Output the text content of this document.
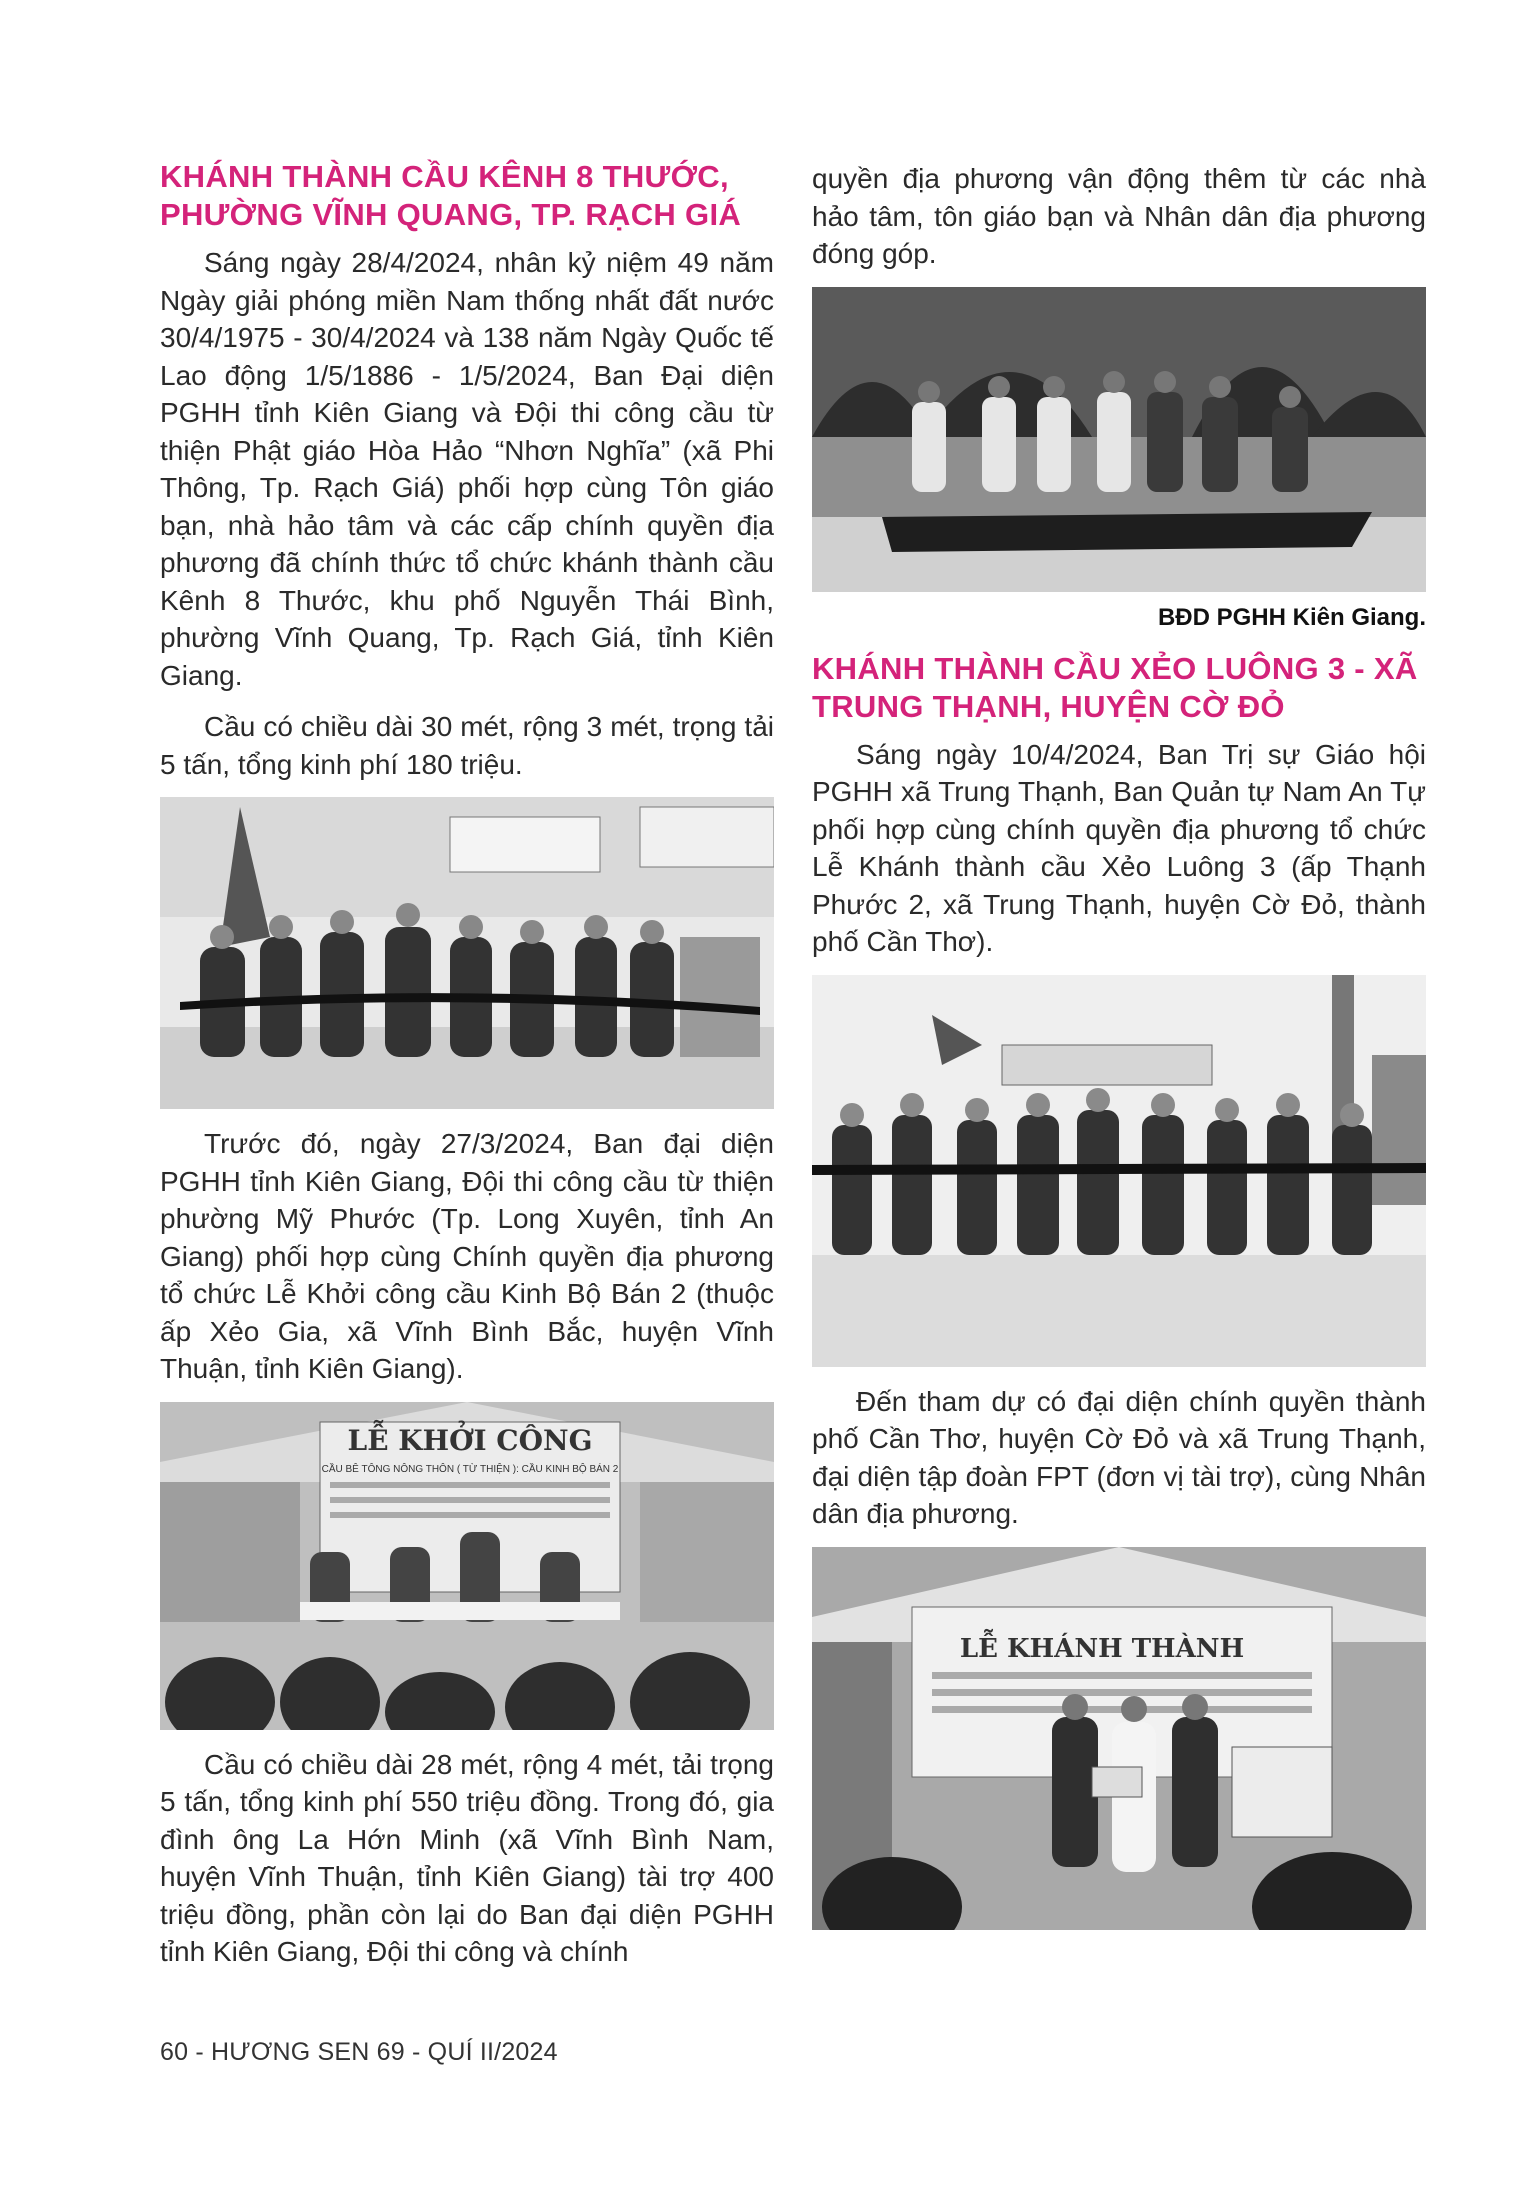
KHÁNH THÀNH CẦU KÊNH 8 THƯỚC, PHƯỜNG VĨNH QUANG, TP. RẠCH GIÁ

Sáng ngày 28/4/2024, nhân kỷ niệm 49 năm Ngày giải phóng miền Nam thống nhất đất nước 30/4/1975 - 30/4/2024 và 138 năm Ngày Quốc tế Lao động 1/5/1886 - 1/5/2024, Ban Đại diện PGHH tỉnh Kiên Giang và Đội thi công cầu từ thiện Phật giáo Hòa Hảo “Nhơn Nghĩa” (xã Phi Thông, Tp. Rạch Giá) phối hợp cùng Tôn giáo bạn, nhà hảo tâm và các cấp chính quyền địa phương đã chính thức tổ chức khánh thành cầu Kênh 8 Thước, khu phố Nguyễn Thái Bình, phường Vĩnh Quang, Tp. Rạch Giá, tỉnh Kiên Giang.

Cầu có chiều dài 30 mét, rộng 3 mét, trọng tải 5 tấn, tổng kinh phí 180 triệu.

Trước đó, ngày 27/3/2024, Ban đại diện PGHH tỉnh Kiên Giang, Đội thi công cầu từ thiện phường Mỹ Phước (Tp. Long Xuyên, tỉnh An Giang) phối hợp cùng Chính quyền địa phương tổ chức Lễ Khởi công cầu Kinh Bộ Bán 2 (thuộc ấp Xẻo Gia, xã Vĩnh Bình Bắc, huyện Vĩnh Thuận, tỉnh Kiên Giang).

LỄ KHỞI CÔNG
CẦU BÊ TÔNG NÔNG THÔN ( TỪ THIỆN ): CẦU KINH BỘ BÁN 2

Cầu có chiều dài 28 mét, rộng 4 mét, tải trọng 5 tấn, tổng kinh phí 550 triệu đồng. Trong đó, gia đình ông La Hớn Minh (xã Vĩnh Bình Nam, huyện Vĩnh Thuận, tỉnh Kiên Giang) tài trợ 400 triệu đồng, phần còn lại do Ban đại diện PGHH tỉnh Kiên Giang, Đội thi công và chính

quyền địa phương vận động thêm từ các nhà hảo tâm, tôn giáo bạn và Nhân dân địa phương đóng góp.

BĐD PGHH Kiên Giang.
KHÁNH THÀNH CẦU XẺO LUÔNG 3 - XÃ TRUNG THẠNH, HUYỆN CỜ ĐỎ

Sáng ngày 10/4/2024, Ban Trị sự Giáo hội PGHH xã Trung Thạnh, Ban Quản tự Nam An Tự phối hợp cùng chính quyền địa phương tổ chức Lễ Khánh thành cầu Xẻo Luông 3 (ấp Thạnh Phước 2, xã Trung Thạnh, huyện Cờ Đỏ, thành phố Cần Thơ).

Đến tham dự có đại diện chính quyền thành phố Cần Thơ, huyện Cờ Đỏ và xã Trung Thạnh, đại diện tập đoàn FPT (đơn vị tài trợ), cùng Nhân dân địa phương.

LỄ KHÁNH THÀNH
60 - HƯƠNG SEN 69 - QUÍ II/2024
